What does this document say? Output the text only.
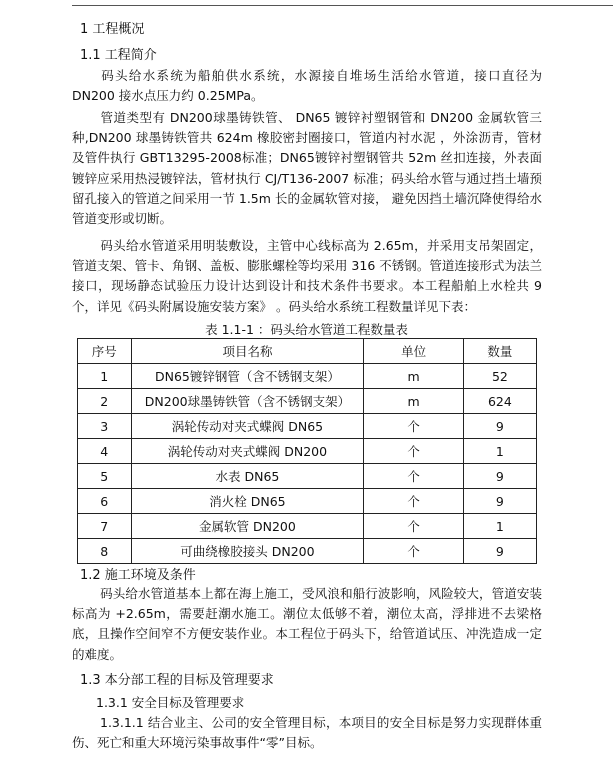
1 工程概况
1.1 工程简介
码头给水系统为船舶供水系统，水源接自堆场生活给水管道，接口直径为 DN200 接水点压力约 0.25MPa。
管道类型有 DN200球墨铸铁管、 DN65 镀锌衬塑钢管和 DN200 金属软管三种,DN200 球墨铸铁管共 624m 橡胶密封圈接口，管道内衬水泥 ，外涂沥青，管材及管件执行 GBT13295-2008标准；DN65镀锌衬塑钢管共 52m 丝扣连接，外表面镀锌应采用热浸镀锌法，管材执行 CJ/T136-2007 标准；码头给水管与通过挡土墙预留孔接入的管道之间采用一节 1.5m 长的金属软管对接， 避免因挡土墙沉降使得给水管道变形或切断。
码头给水管道采用明装敷设，主管中心线标高为 2.65m，并采用支吊架固定，管道支架、管卡、角钢、盖板、膨胀螺栓等均采用 316 不锈钢。管道连接形式为法兰接口，现场静态试验压力设计达到设计和技术条件书要求。本工程船舶上水栓共 9个，详见《码头附属设施安装方案》 。码头给水系统工程数量详见下表：
表 1.1-1 ：码头给水管道工程数量表
序号	项目名称	单位	数量
1	DN65镀锌钢管（含不锈钢支架）	m	52
2	DN200球墨铸铁管（含不锈钢支架）	m	624
3	涡轮传动对夹式蝶阀 DN65	个	9
4	涡轮传动对夹式蝶阀 DN200	个	1
5	水表 DN65	个	9
6	消火栓 DN65	个	9
7	金属软管 DN200	个	1
8	可曲绕橡胶接头 DN200	个	9
1.2 施工环境及条件
码头给水管道基本上都在海上施工，受风浪和船行波影响，风险较大，管道安装标高为 +2.65m，需要赶潮水施工。潮位太低够不着，潮位太高，浮排进不去梁格底，且操作空间窄不方便安装作业。本工程位于码头下，给管道试压、冲洗造成一定的难度。
1.3 本分部工程的目标及管理要求
1.3.1 安全目标及管理要求
1.3.1.1 结合业主、公司的安全管理目标，本项目的安全目标是努力实现群体重伤、死亡和重大环境污染事故事件“零”目标。
